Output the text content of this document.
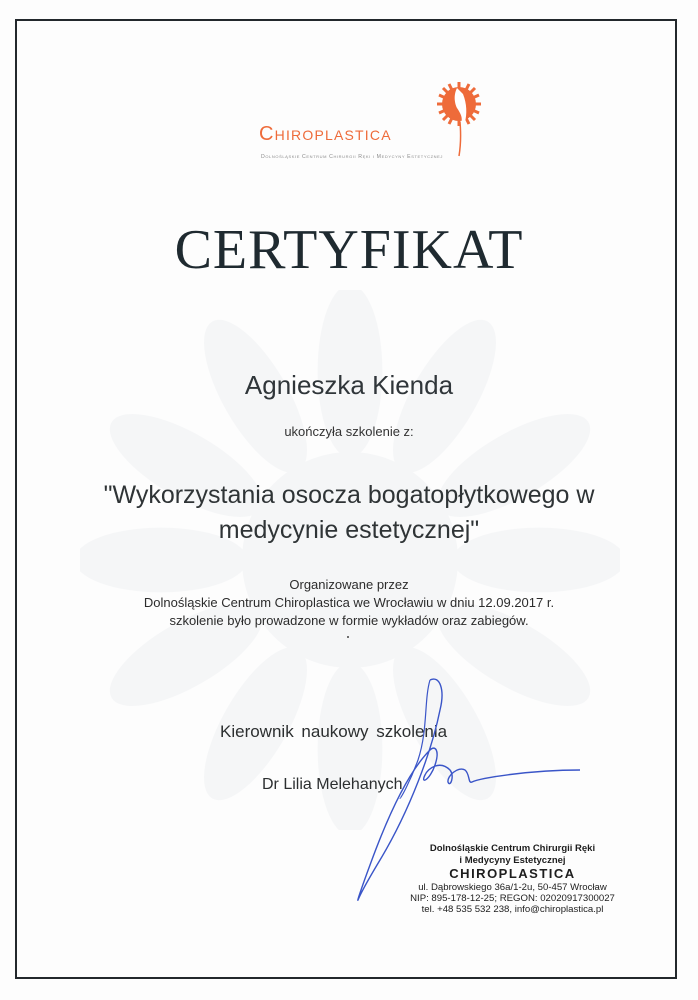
Chiroplastica
Dolnośląskie Centrum Chirurgii Ręki i Medycyny Estetycznej
CERTYFIKAT
Agnieszka Kienda
ukończyła szkolenie z:
"Wykorzystania osocza bogatopłytkowego w
medycynie estetycznej"
Organizowane przez
Dolnośląskie Centrum Chiroplastica we Wrocławiu w dniu 12.09.2017 r.
szkolenie było prowadzone w formie wykładów oraz zabiegów.
Kierownik naukowy szkolenia
Dr Lilia Melehanych
Dolnośląskie Centrum Chirurgii Ręki
i Medycyny Estetycznej
CHIROPLASTICA
ul. Dąbrowskiego 36a/1-2u, 50-457 Wrocław
NIP: 895-178-12-25; REGON: 02020917300027
tel. +48 535 532 238, info@chiroplastica.pl
